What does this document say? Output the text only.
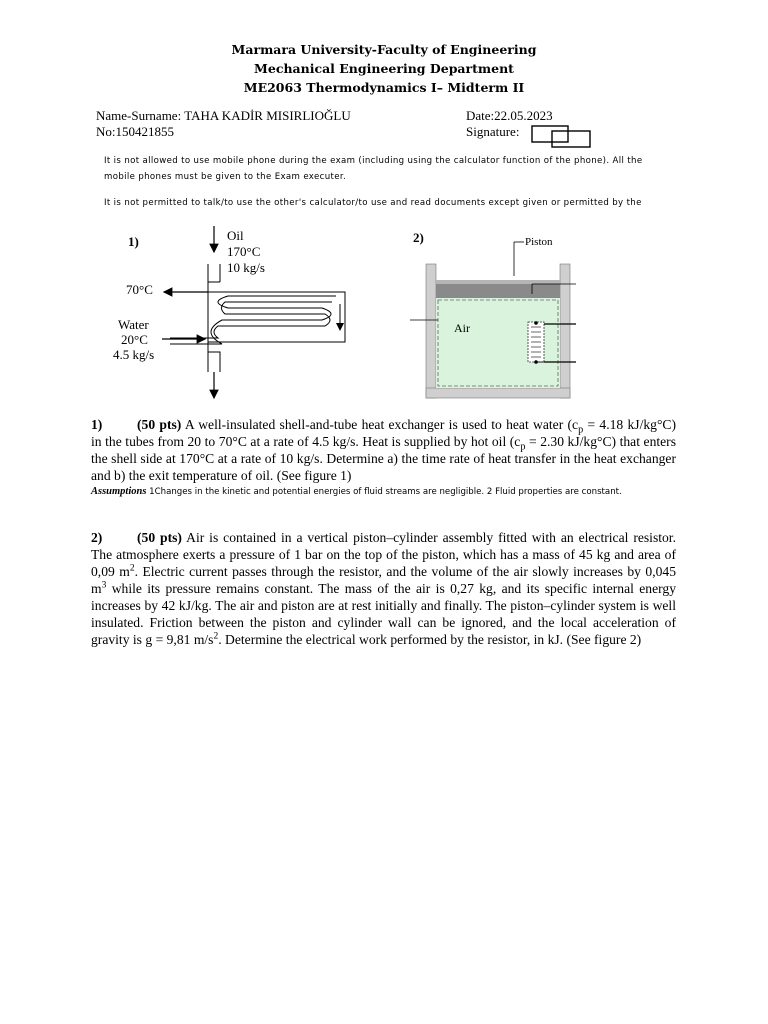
Marmara University-Faculty of Engineering
Mechanical Engineering Department
ME2063 Thermodynamics I– Midterm II
Name-Surname: TAHA KADİR MISIRLIOĞLU
No:150421855
Date:22.05.2023
Signature:
It is not allowed to use mobile phone during the exam (including using the calculator function of the phone). All the
mobile phones must be given to the Exam executer.
It is not permitted to talk/to use the other's calculator/to use and read documents except given or permitted by the
1)	Oil
170°C
10 kg/s
70°C
Water
20°C
4.5 kg/s
2)	Piston
Air
1)	(50 pts) A well-insulated shell-and-tube heat exchanger is used to heat water ($c_p = 4.18$ kJ/kg°C) in the tubes from 20 to 70°C at a rate of 4.5 kg/s. Heat is supplied by hot oil ($c_p = 2.30$ kJ/kg°C) that enters the shell side at 170°C at a rate of 10 kg/s. Determine a) the time rate of heat transfer in the heat exchanger and b) the exit temperature of oil. (See figure 1)
Assumptions 1Changes in the kinetic and potential energies of fluid streams are negligible. 2 Fluid properties are constant.
2)	(50 pts) Air is contained in a vertical piston–cylinder assembly fitted with an electrical resistor. The atmosphere exerts a pressure of 1 bar on the top of the piston, which has a mass of 45 kg and area of 0,09 $m^2$. Electric current passes through the resistor, and the volume of the air slowly increases by 0,045 $m^3$ while its pressure remains constant. The mass of the air is 0,27 kg, and its specific internal energy increases by 42 kJ/kg. The air and piston are at rest initially and finally. The piston–cylinder system is well insulated. Friction between the piston and cylinder wall can be ignored, and the local acceleration of gravity is g = 9,81 $m/s^2$. Determine the electrical work performed by the resistor, in kJ. (See figure 2)
